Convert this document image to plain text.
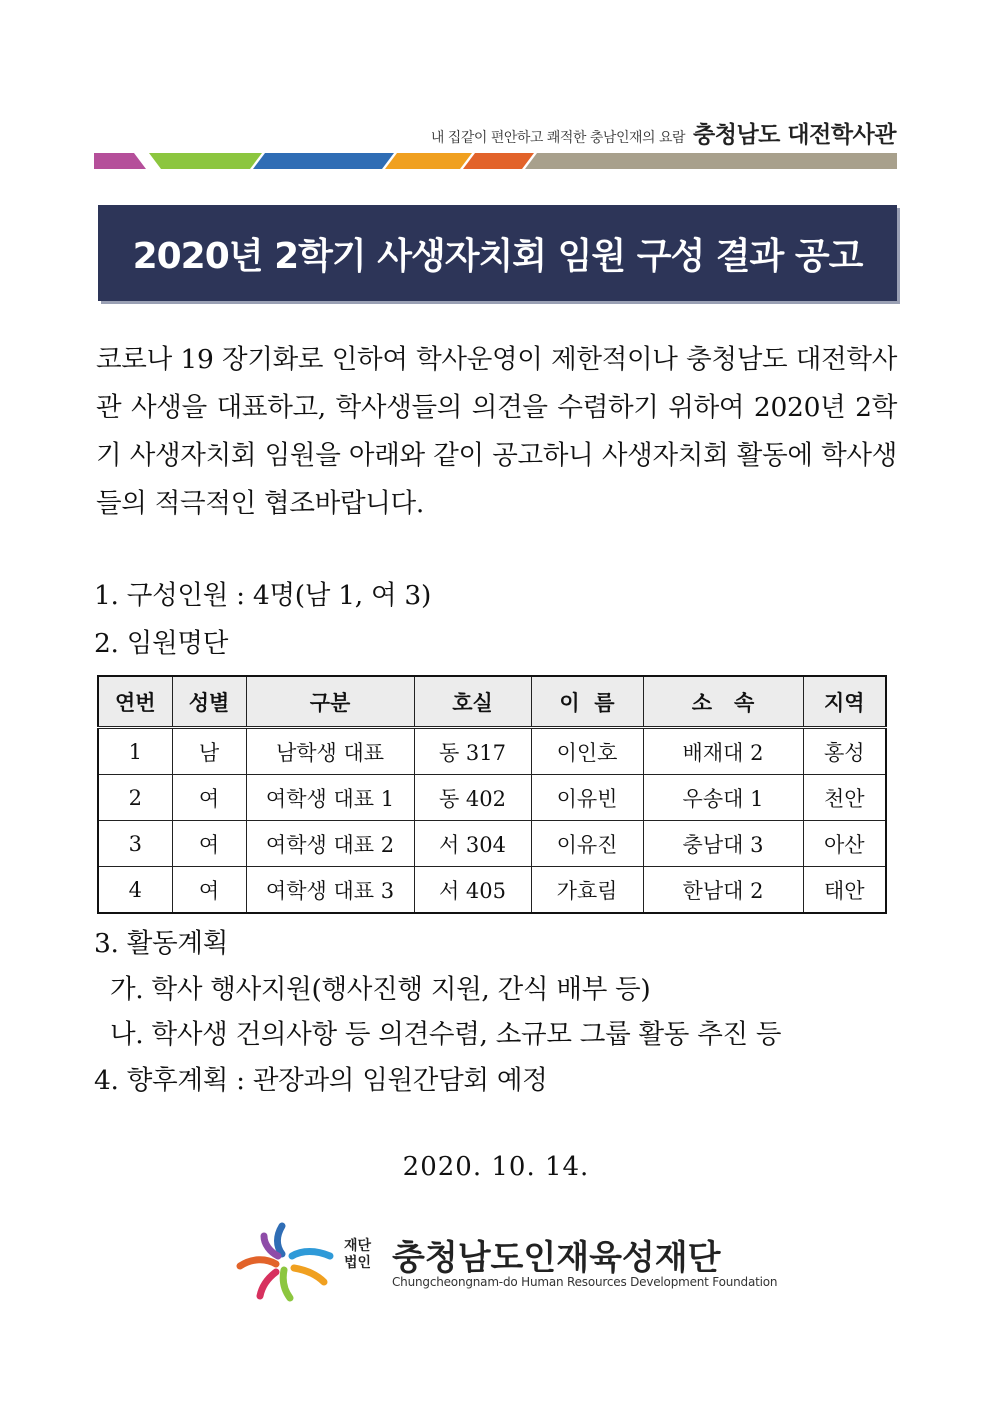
내 집같이 편안하고 쾌적한 충남인재의 요람 충청남도 대전학사관
2020년 2학기 사생자치회 임원 구성 결과 공고
코로나 19 장기화로 인하여 학사운영이 제한적이나 충청남도 대전학사관 사생을 대표하고, 학사생들의 의견을 수렴하기 위하여 2020년 2학기 사생자치회 임원을 아래와 같이 공고하니 사생자치회 활동에 학사생들의 적극적인 협조바랍니다.
1. 구성인원 : 4명(남 1, 여 3)
2. 임원명단
연번	성별	구분	호실	이  름	소   속	지역
1	남	남학생 대표	동 317	이인호	배재대 2	홍성
2	여	여학생 대표 1	동 402	이유빈	우송대 1	천안
3	여	여학생 대표 2	서 304	이유진	충남대 3	아산
4	여	여학생 대표 3	서 405	가효림	한남대 2	태안
3. 활동계획
가. 학사 행사지원(행사진행 지원, 간식 배부 등)
나. 학사생 건의사항 등 의견수렴, 소규모 그룹 활동 추진 등
4. 향후계획 : 관장과의 임원간담회 예정
2020. 10. 14.
재단
법인 충청남도인재육성재단
Chungcheongnam-do Human Resources Development Foundation
